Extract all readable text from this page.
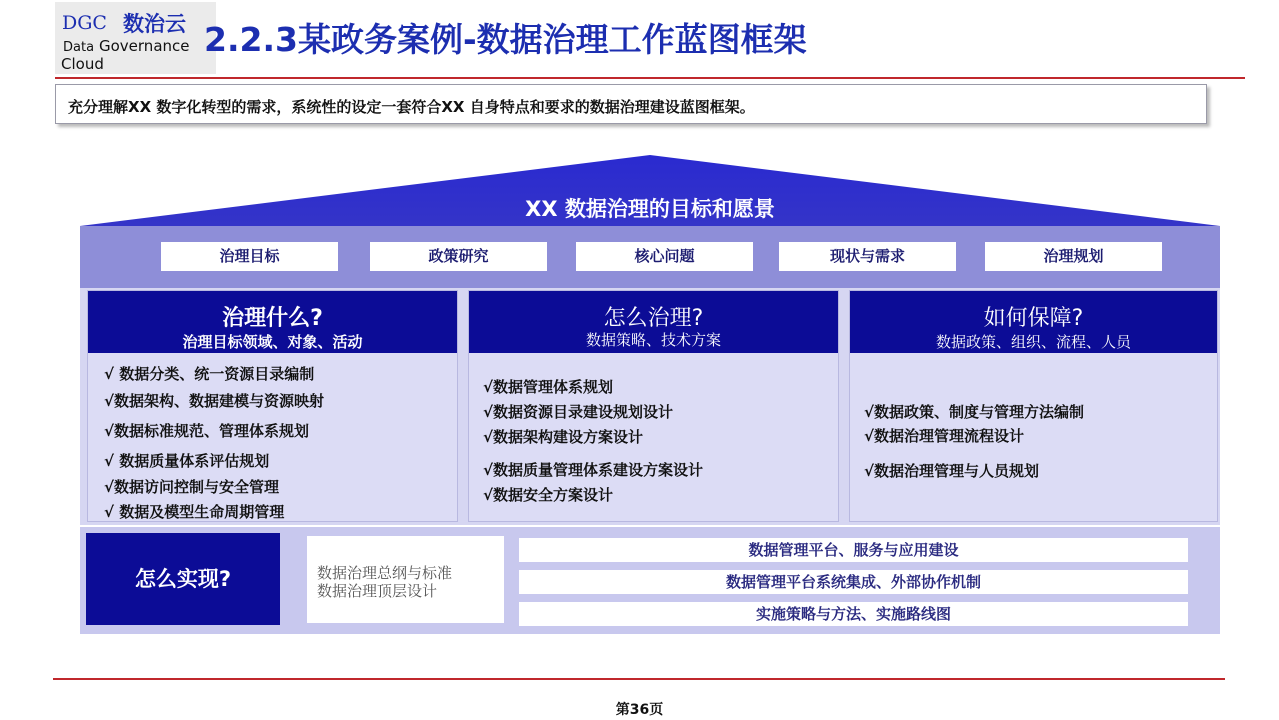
DGC 数治云
Data Governance
Cloud
2.2.3某政务案例-数据治理工作蓝图框架
充分理解XX 数字化转型的需求，系统性的设定一套符合XX 自身特点和要求的数据治理建设蓝图框架。
XX 数据治理的目标和愿景
治理目标	政策研究	核心问题	现状与需求	治理规划
治理什么?
治理目标领域、对象、活动
√ 数据分类、统一资源目录编制
√数据架构、数据建模与资源映射
√数据标准规范、管理体系规划
√ 数据质量体系评估规划
√数据访问控制与安全管理
√ 数据及模型生命周期管理
怎么治理?
数据策略、技术方案
√数据管理体系规划
√数据资源目录建设规划设计
√数据架构建设方案设计
√数据质量管理体系建设方案设计
√数据安全方案设计
如何保障?
数据政策、组织、流程、人员
√数据政策、制度与管理方法编制
√数据治理管理流程设计
√数据治理管理与人员规划
怎么实现?	数据治理总纲与标准
数据治理顶层设计
数据管理平台、服务与应用建设
数据管理平台系统集成、外部协作机制
实施策略与方法、实施路线图
第36页
